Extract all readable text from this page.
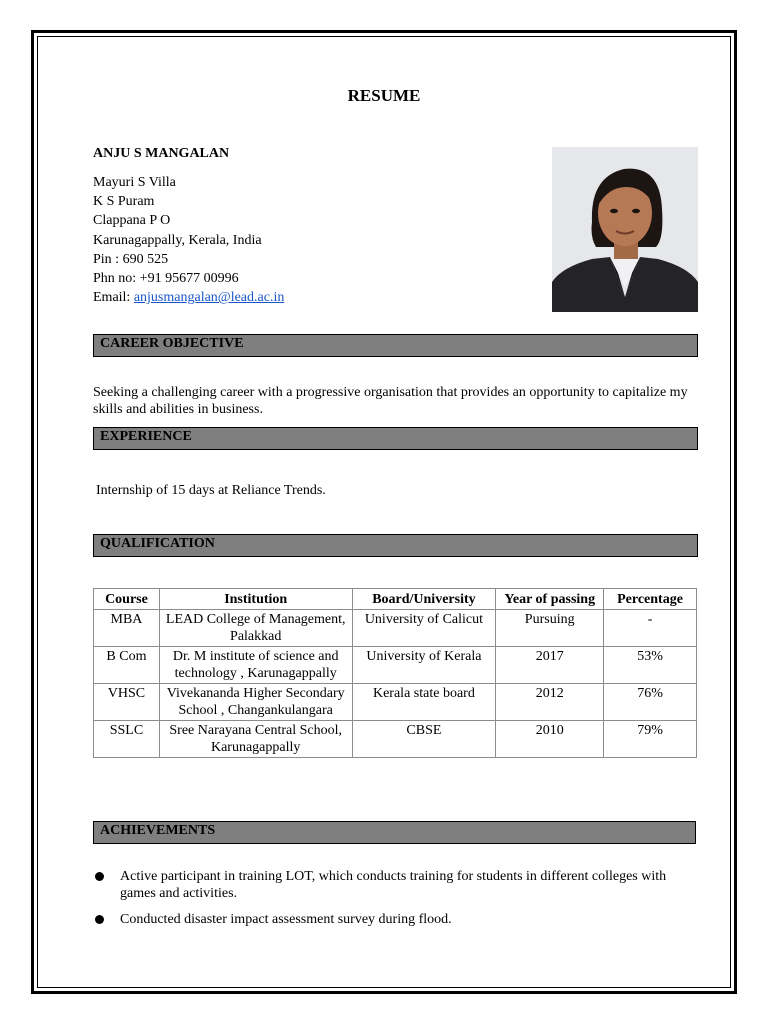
RESUME
ANJU S MANGALAN
Mayuri S Villa
K S Puram
Clappana P O
Karunagappally, Kerala, India
Pin : 690 525
Phn no: +91 95677 00996
Email: anjusmangalan@lead.ac.in
CAREER OBJECTIVE
Seeking a challenging career with a progressive organisation that provides an opportunity to capitalize my skills and abilities in business.
EXPERIENCE
Internship of 15 days at Reliance Trends.
QUALIFICATION
Course	Institution	Board/University	Year of passing	Percentage
MBA	LEAD College of Management, Palakkad	University of Calicut	Pursuing	-
B Com	Dr. M institute of science and technology , Karunagappally	University of Kerala	2017	53%
VHSC	Vivekananda Higher Secondary School , Changankulangara	Kerala state board	2012	76%
SSLC	Sree Narayana Central School, Karunagappally	CBSE	2010	79%
ACHIEVEMENTS
Active participant in training LOT, which conducts training for students in different colleges with games and activities.
Conducted disaster impact assessment survey during flood.
